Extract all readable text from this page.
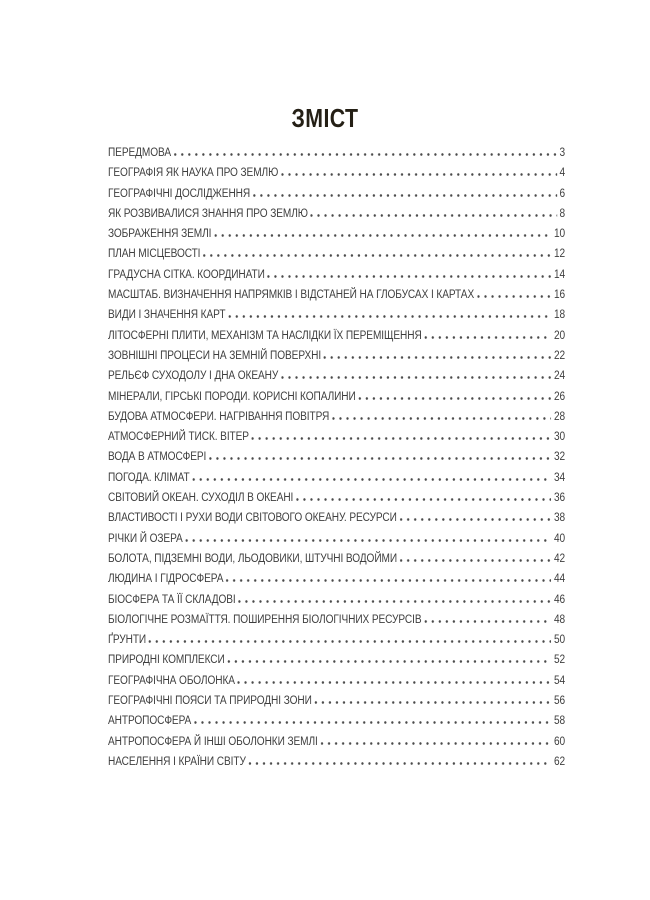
ЗМІСТ
ПЕРЕДМОВА	3
ГЕОГРАФІЯ ЯК НАУКА ПРО ЗЕМЛЮ	4
ГЕОГРАФІЧНІ ДОСЛІДЖЕННЯ	6
ЯК РОЗВИВАЛИСЯ ЗНАННЯ ПРО ЗЕМЛЮ	8
ЗОБРАЖЕННЯ ЗЕМЛІ	10
ПЛАН МІСЦЕВОСТІ	12
ГРАДУСНА СІТКА. КООРДИНАТИ	14
МАСШТАБ. ВИЗНАЧЕННЯ НАПРЯМКІВ І ВІДСТАНЕЙ НА ГЛОБУСАХ І КАРТАХ	16
ВИДИ І ЗНАЧЕННЯ КАРТ	18
ЛІТОСФЕРНІ ПЛИТИ, МЕХАНІЗМ ТА НАСЛІДКИ ЇХ ПЕРЕМІЩЕННЯ	20
ЗОВНІШНІ ПРОЦЕСИ НА ЗЕМНІЙ ПОВЕРХНІ	22
РЕЛЬЄФ СУХОДОЛУ І ДНА ОКЕАНУ	24
МІНЕРАЛИ, ГІРСЬКІ ПОРОДИ. КОРИСНІ КОПАЛИНИ	26
БУДОВА АТМОСФЕРИ. НАГРІВАННЯ ПОВІТРЯ	28
АТМОСФЕРНИЙ ТИСК. ВІТЕР	30
ВОДА В АТМОСФЕРІ	32
ПОГОДА. КЛІМАТ	34
СВІТОВИЙ ОКЕАН. СУХОДІЛ В ОКЕАНІ	36
ВЛАСТИВОСТІ І РУХИ ВОДИ СВІТОВОГО ОКЕАНУ. РЕСУРСИ	38
РІЧКИ Й ОЗЕРА	40
БОЛОТА, ПІДЗЕМНІ ВОДИ, ЛЬОДОВИКИ, ШТУЧНІ ВОДОЙМИ	42
ЛЮДИНА І ГІДРОСФЕРА	44
БІОСФЕРА ТА ЇЇ СКЛАДОВІ	46
БІОЛОГІЧНЕ РОЗМАЇТТЯ. ПОШИРЕННЯ БІОЛОГІЧНИХ РЕСУРСІВ	48
ҐРУНТИ	50
ПРИРОДНІ КОМПЛЕКСИ	52
ГЕОГРАФІЧНА ОБОЛОНКА	54
ГЕОГРАФІЧНІ ПОЯСИ ТА ПРИРОДНІ ЗОНИ	56
АНТРОПОСФЕРА	58
АНТРОПОСФЕРА Й ІНШІ ОБОЛОНКИ ЗЕМЛІ	60
НАСЕЛЕННЯ І КРАЇНИ СВІТУ	62
